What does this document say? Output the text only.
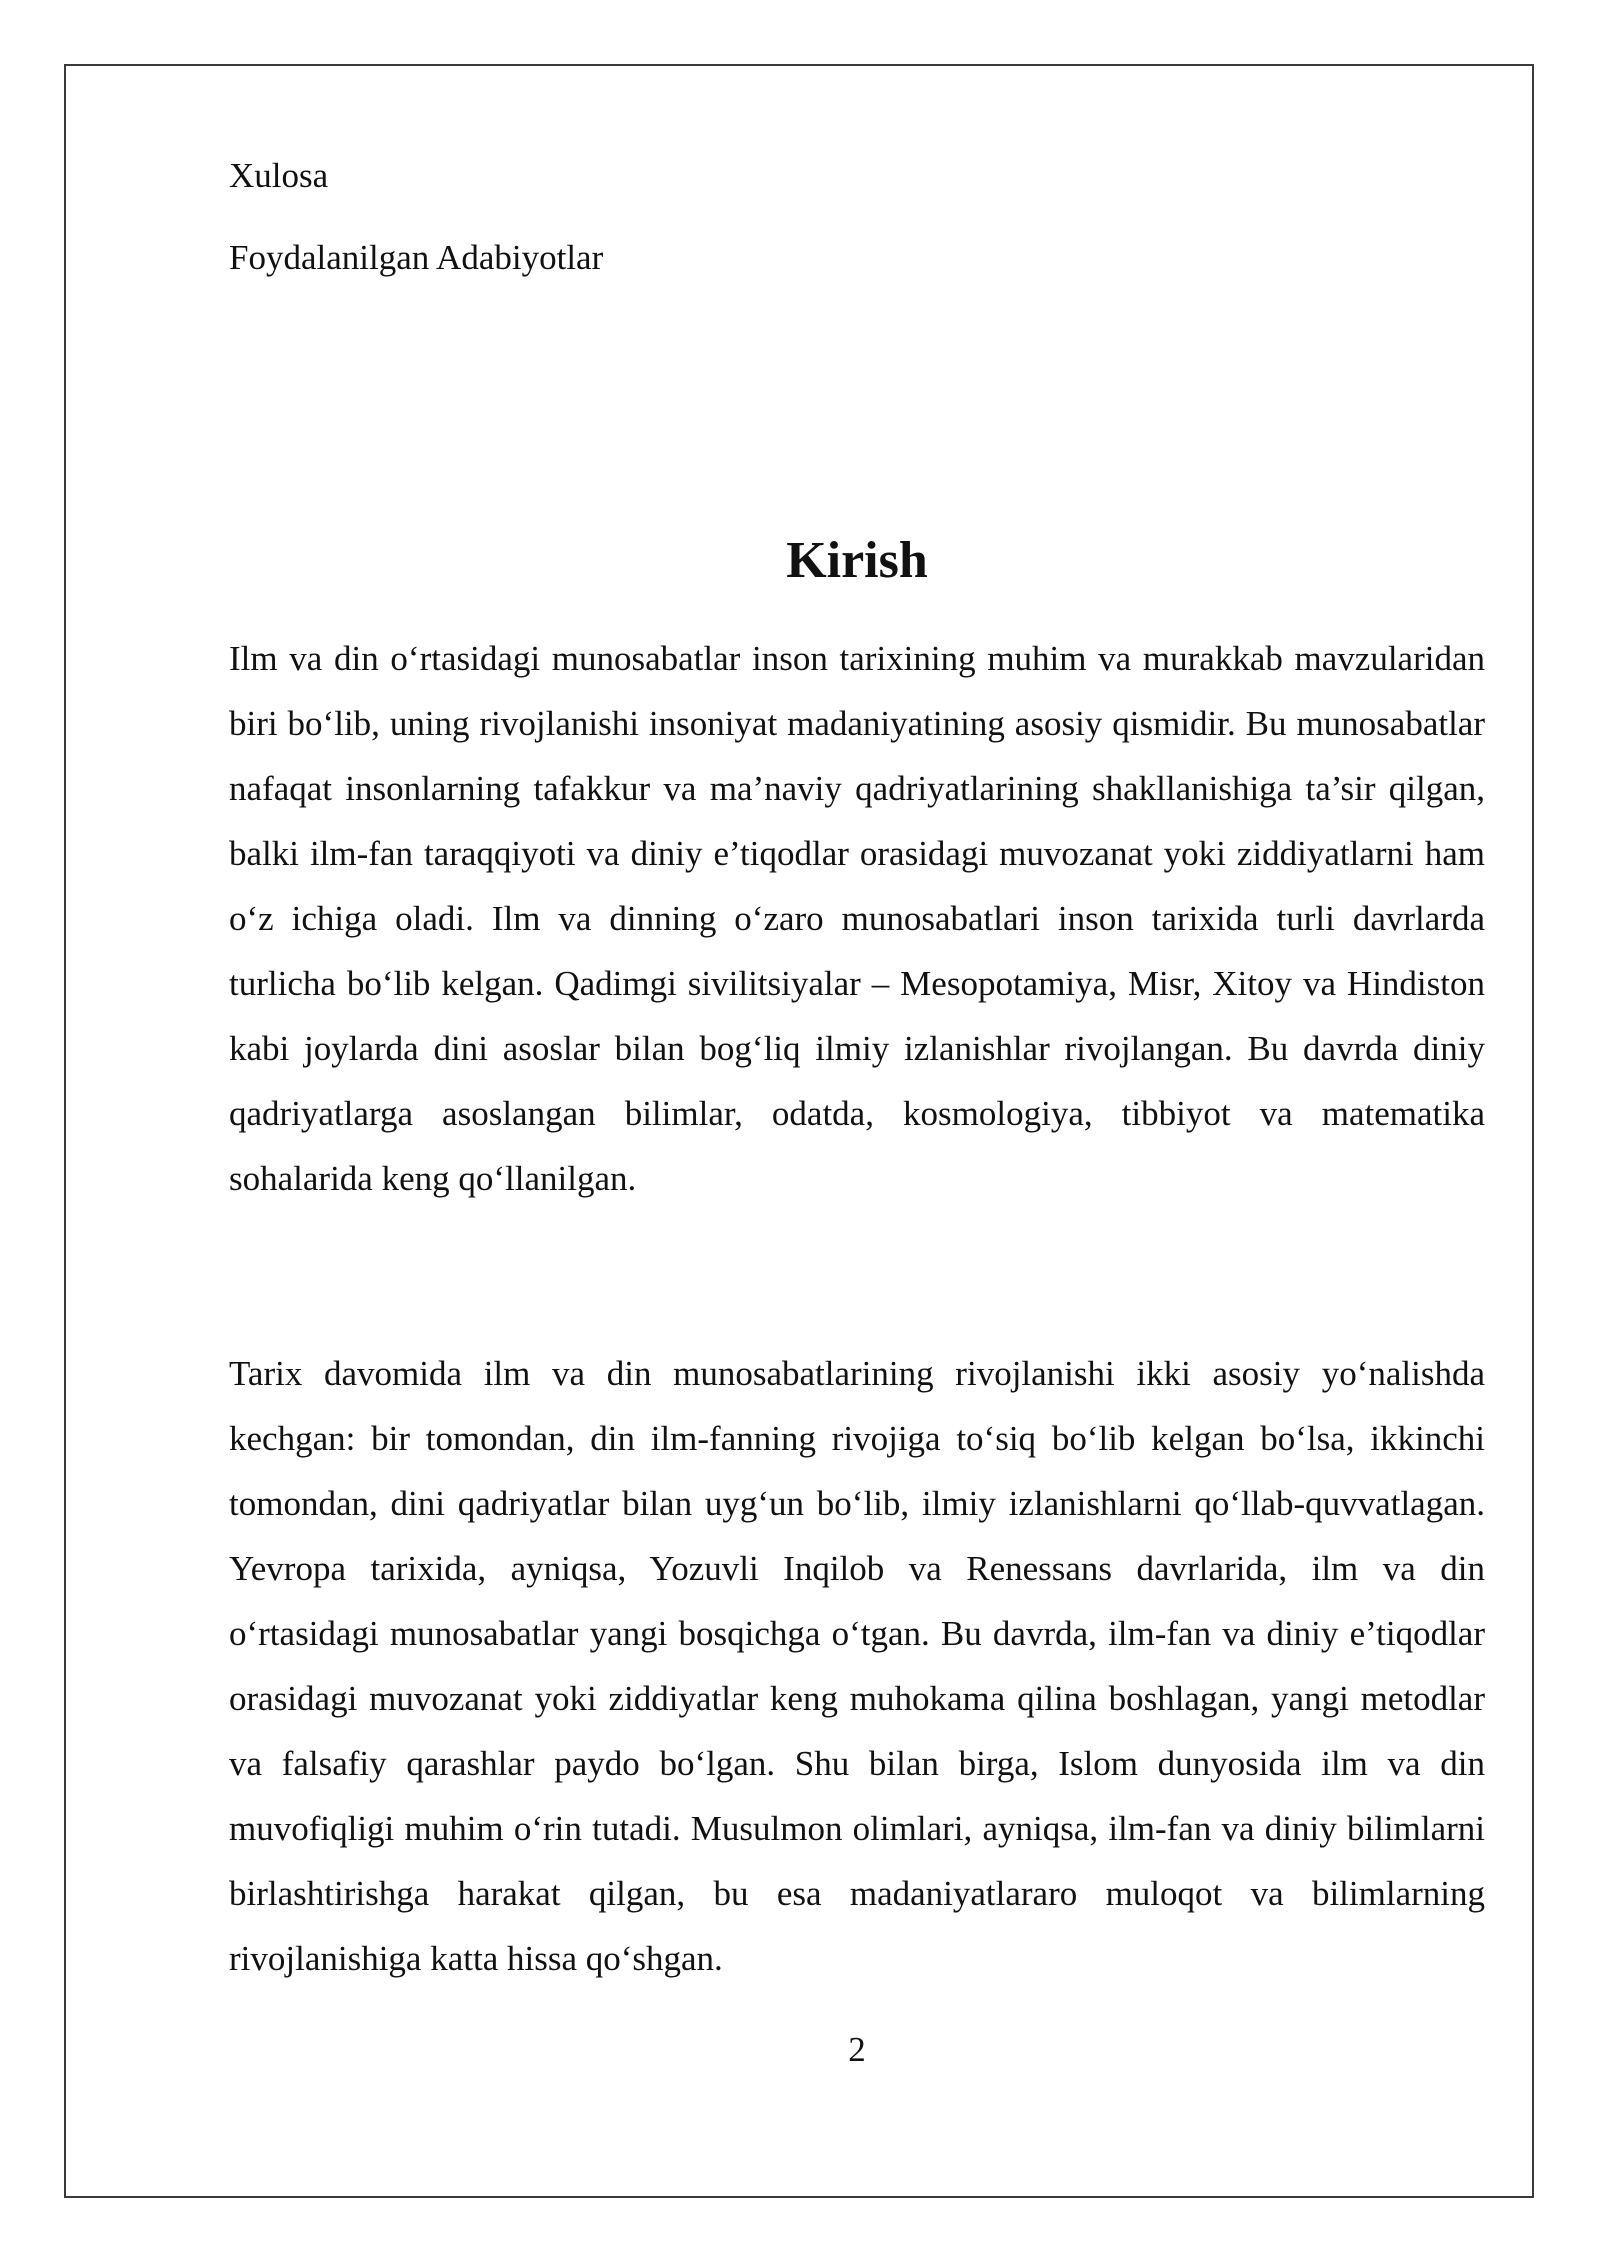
Xulosa
Foydalanilgan Adabiyotlar
Kirish

Ilm va din o‘rtasidagi munosabatlar inson tarixining muhim va murakkab mavzularidan biri bo‘lib, uning rivojlanishi insoniyat madaniyatining asosiy qismidir. Bu munosabatlar nafaqat insonlarning tafakkur va ma’naviy qadriyatlarining shakllanishiga ta’sir qilgan, balki ilm-fan taraqqiyoti va diniy e’tiqodlar orasidagi muvozanat yoki ziddiyatlarni ham o‘z ichiga oladi. Ilm va dinning o‘zaro munosabatlari inson tarixida turli davrlarda turlicha bo‘lib kelgan. Qadimgi sivilitsiyalar – Mesopotamiya, Misr, Xitoy va Hindiston kabi joylarda dini asoslar bilan bog‘liq ilmiy izlanishlar rivojlangan. Bu davrda diniy qadriyatlarga asoslangan bilimlar, odatda, kosmologiya, tibbiyot va matematika sohalarida keng qo‘llanilgan.

Tarix davomida ilm va din munosabatlarining rivojlanishi ikki asosiy yo‘nalishda kechgan: bir tomondan, din ilm-fanning rivojiga to‘siq bo‘lib kelgan bo‘lsa, ikkinchi tomondan, dini qadriyatlar bilan uyg‘un bo‘lib, ilmiy izlanishlarni qo‘llab-quvvatlagan. Yevropa tarixida, ayniqsa, Yozuvli Inqilob va Renessans davrlarida, ilm va din o‘rtasidagi munosabatlar yangi bosqichga o‘tgan. Bu davrda, ilm-fan va diniy e’tiqodlar orasidagi muvozanat yoki ziddiyatlar keng muhokama qilina boshlagan, yangi metodlar va falsafiy qarashlar paydo bo‘lgan. Shu bilan birga, Islom dunyosida ilm va din muvofiqligi muhim o‘rin tutadi. Musulmon olimlari, ayniqsa, ilm-fan va diniy bilimlarni birlashtirishga harakat qilgan, bu esa madaniyatlararo muloqot va bilimlarning rivojlanishiga katta hissa qo‘shgan.

2
